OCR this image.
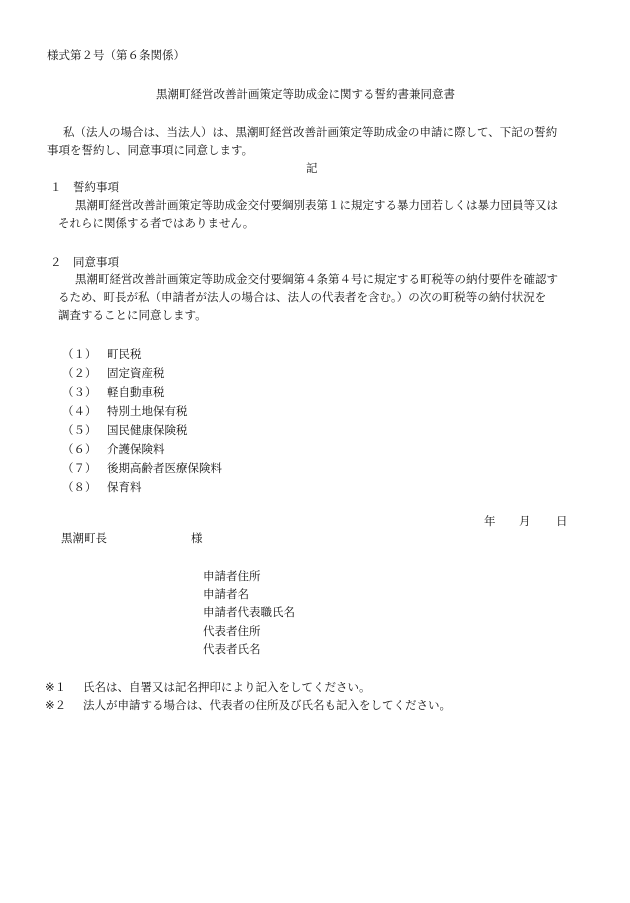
様式第２号（第６条関係）
黒潮町経営改善計画策定等助成金に関する誓約書兼同意書
私（法人の場合は、当法人）は、黒潮町経営改善計画策定等助成金の申請に際して、下記の誓約
事項を誓約し、同意事項に同意します。
記
１　誓約事項
黒潮町経営改善計画策定等助成金交付要綱別表第１に規定する暴力団若しくは暴力団員等又は
それらに関係する者ではありません。
２　同意事項
黒潮町経営改善計画策定等助成金交付要綱第４条第４号に規定する町税等の納付要件を確認す
るため、町長が私（申請者が法人の場合は、法人の代表者を含む。）の次の町税等の納付状況を
調査することに同意します。
（１） 町民税
（２） 固定資産税
（３） 軽自動車税
（４） 特別土地保有税
（５） 国民健康保険税
（６） 介護保険料
（７） 後期高齢者医療保険料
（８） 保育料
年 月 日
黒潮町長	様
申請者住所
申請者名
申請者代表職氏名
代表者住所
代表者氏名
※１ 氏名は、自署又は記名押印により記入をしてください。
※２ 法人が申請する場合は、代表者の住所及び氏名も記入をしてください。
